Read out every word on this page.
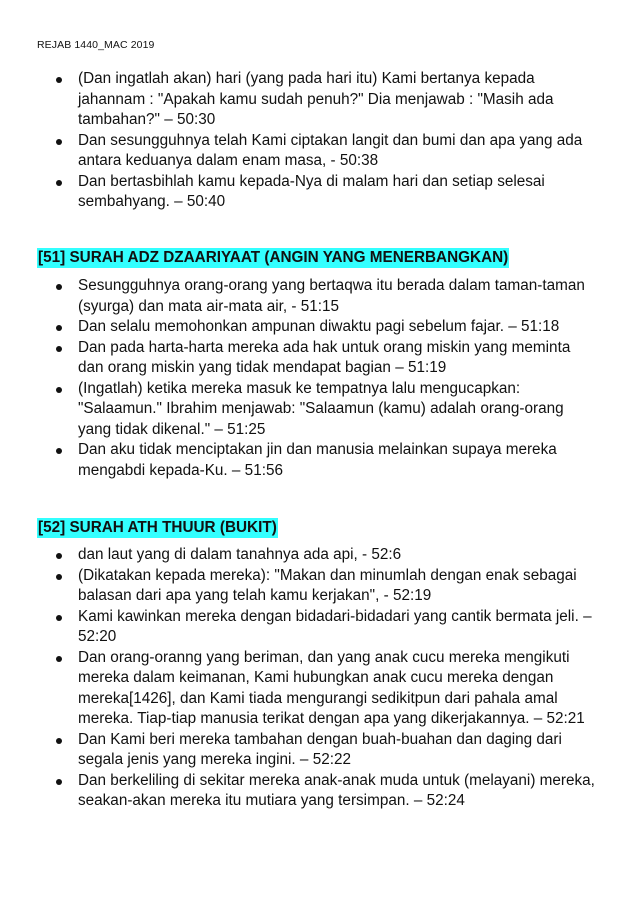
REJAB 1440_MAC 2019
(Dan ingatlah akan) hari (yang pada hari itu) Kami bertanya kepada jahannam : "Apakah kamu sudah penuh?" Dia menjawab : "Masih ada tambahan?" – 50:30
Dan sesungguhnya telah Kami ciptakan langit dan bumi dan apa yang ada antara keduanya dalam enam masa, - 50:38
Dan bertasbihlah kamu kepada-Nya di malam hari dan setiap selesai sembahyang. – 50:40
[51] SURAH ADZ DZAARIYAAT (ANGIN YANG MENERBANGKAN)
Sesungguhnya orang-orang yang bertaqwa itu berada dalam taman-taman (syurga) dan mata air-mata air, - 51:15
Dan selalu memohonkan ampunan diwaktu pagi sebelum fajar. – 51:18
Dan pada harta-harta mereka ada hak untuk orang miskin yang meminta dan orang miskin yang tidak mendapat bagian – 51:19
(Ingatlah) ketika mereka masuk ke tempatnya lalu mengucapkan: "Salaamun." Ibrahim menjawab: "Salaamun (kamu) adalah orang-orang yang tidak dikenal." – 51:25
Dan aku tidak menciptakan jin dan manusia melainkan supaya mereka mengabdi kepada-Ku. – 51:56
[52] SURAH ATH THUUR (BUKIT)
dan laut yang di dalam tanahnya ada api, - 52:6
(Dikatakan kepada mereka): "Makan dan minumlah dengan enak sebagai balasan dari apa yang telah kamu kerjakan", - 52:19
Kami kawinkan mereka dengan bidadari-bidadari yang cantik bermata jeli. – 52:20
Dan orang-oranng yang beriman, dan yang anak cucu mereka mengikuti mereka dalam keimanan, Kami hubungkan anak cucu mereka dengan mereka[1426], dan Kami tiada mengurangi sedikitpun dari pahala amal mereka. Tiap-tiap manusia terikat dengan apa yang dikerjakannya. – 52:21
Dan Kami beri mereka tambahan dengan buah-buahan dan daging dari segala jenis yang mereka ingini. – 52:22
Dan berkeliling di sekitar mereka anak-anak muda untuk (melayani) mereka, seakan-akan mereka itu mutiara yang tersimpan. – 52:24
